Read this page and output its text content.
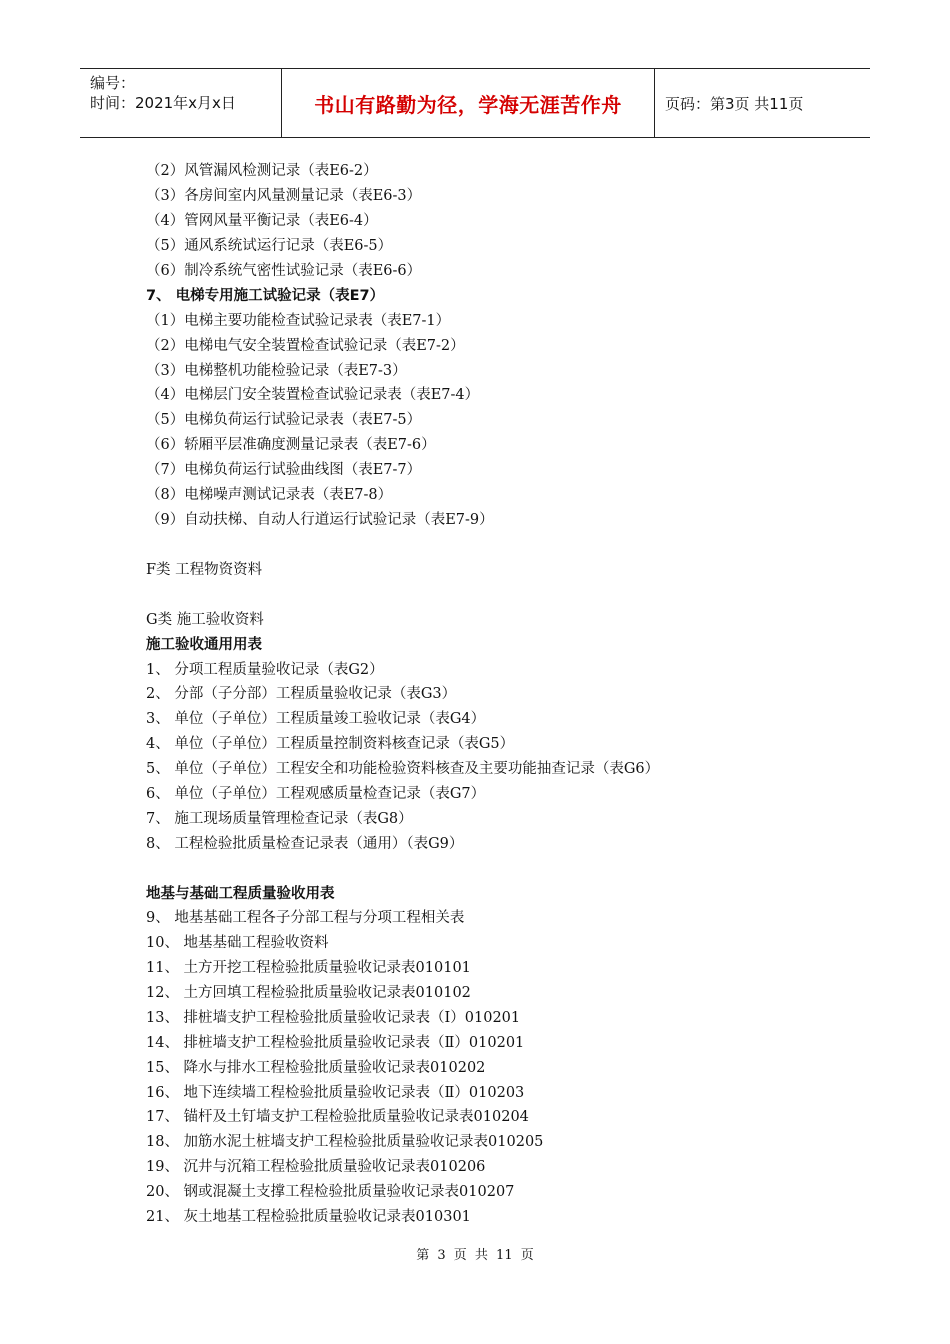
编号：
时间：2021年x月x日	书山有路勤为径，学海无涯苦作舟	页码：第3页 共11页
（2）风管漏风检测记录（表E6-2）
（3）各房间室内风量测量记录（表E6-3）
（4）管网风量平衡记录（表E6-4）
（5）通风系统试运行记录（表E6-5）
（6）制冷系统气密性试验记录（表E6-6）
7、 电梯专用施工试验记录（表E7）
（1）电梯主要功能检查试验记录表（表E7-1）
（2）电梯电气安全装置检查试验记录（表E7-2）
（3）电梯整机功能检验记录（表E7-3）
（4）电梯层门安全装置检查试验记录表（表E7-4）
（5）电梯负荷运行试验记录表（表E7-5）
（6）轿厢平层准确度测量记录表（表E7-6）
（7）电梯负荷运行试验曲线图（表E7-7）
（8）电梯噪声测试记录表（表E7-8）
（9）自动扶梯、自动人行道运行试验记录（表E7-9）
F类 工程物资资料
G类 施工验收资料
施工验收通用用表
1、 分项工程质量验收记录（表G2）
2、 分部（子分部）工程质量验收记录（表G3）
3、 单位（子单位）工程质量竣工验收记录（表G4）
4、 单位（子单位）工程质量控制资料核查记录（表G5）
5、 单位（子单位）工程安全和功能检验资料核查及主要功能抽查记录（表G6）
6、 单位（子单位）工程观感质量检查记录（表G7）
7、 施工现场质量管理检查记录（表G8）
8、 工程检验批质量检查记录表（通用）（表G9）
地基与基础工程质量验收用表
9、 地基基础工程各子分部工程与分项工程相关表
10、 地基基础工程验收资料
11、 土方开挖工程检验批质量验收记录表010101
12、 土方回填工程检验批质量验收记录表010102
13、 排桩墙支护工程检验批质量验收记录表（Ⅰ）010201
14、 排桩墙支护工程检验批质量验收记录表（Ⅱ）010201
15、 降水与排水工程检验批质量验收记录表010202
16、 地下连续墙工程检验批质量验收记录表（Ⅱ）010203
17、 锚杆及土钉墙支护工程检验批质量验收记录表010204
18、 加筋水泥土桩墙支护工程检验批质量验收记录表010205
19、 沉井与沉箱工程检验批质量验收记录表010206
20、 钢或混凝土支撑工程检验批质量验收记录表010207
21、 灰土地基工程检验批质量验收记录表010301
第 3 页 共 11 页
